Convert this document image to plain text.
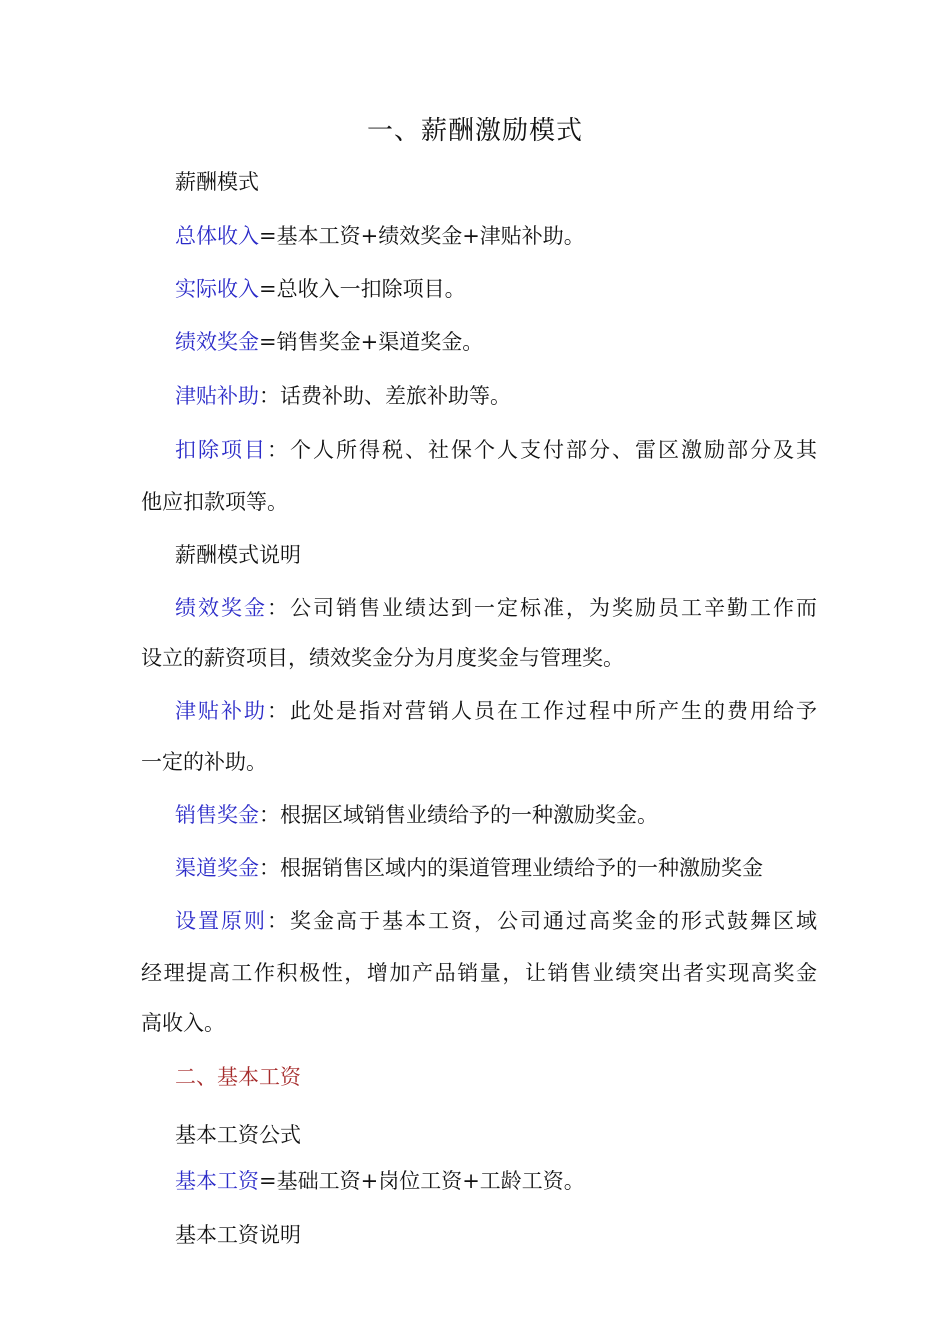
一、薪酬激励模式
薪酬模式
总体收入=基本工资+绩效奖金+津贴补助。
实际收入=总收入一扣除项目。
绩效奖金=销售奖金+渠道奖金。
津贴补助：话费补助、差旅补助等。
扣除项目：个人所得税、社保个人支付部分、雷区激励部分及其
他应扣款项等。
薪酬模式说明
绩效奖金：公司销售业绩达到一定标准，为奖励员工辛勤工作而
设立的薪资项目，绩效奖金分为月度奖金与管理奖。
津贴补助：此处是指对营销人员在工作过程中所产生的费用给予
一定的补助。
销售奖金：根据区域销售业绩给予的一种激励奖金。
渠道奖金：根据销售区域内的渠道管理业绩给予的一种激励奖金
设置原则：奖金高于基本工资，公司通过高奖金的形式鼓舞区域
经理提高工作积极性，增加产品销量，让销售业绩突出者实现高奖金
高收入。
二、基本工资
基本工资公式
基本工资=基础工资+岗位工资+工龄工资。
基本工资说明
